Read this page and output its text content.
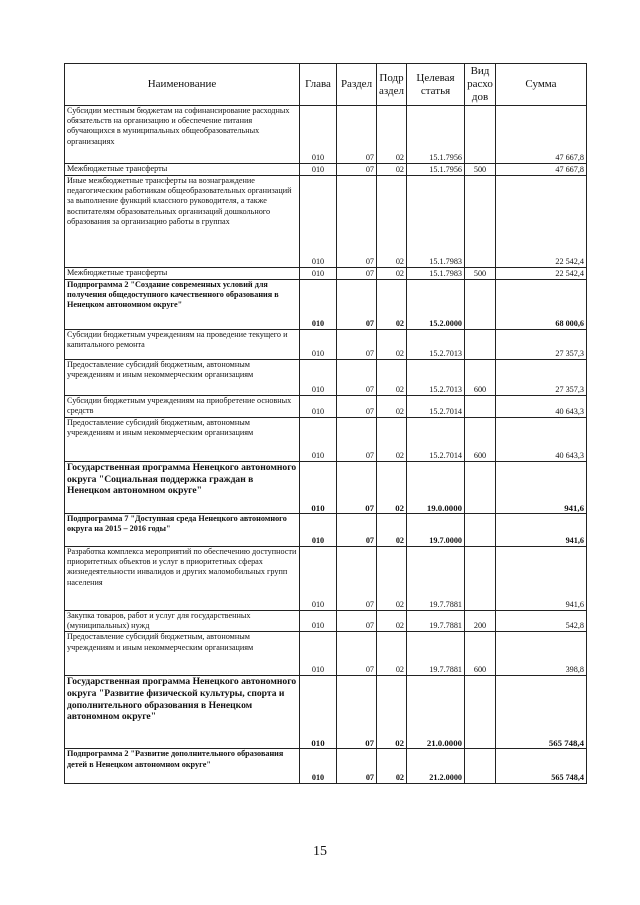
Наименование	Глава	Раздел	Подр аздел	Целевая статья	Вид расхо дов	Сумма
Субсидии местным бюджетам на софинансирование расходных обязательств на организацию и обеспечение питания обучающихся в муниципальных общеобразовательных организациях	010	07	02	15.1.7956		47 667,8
Межбюджетные трансферты	010	07	02	15.1.7956	500	47 667,8
Иные межбюджетные трансферты на вознаграждение педагогическим работникам общеобразовательных организаций за выполнение функций классного руководителя, а также воспитателям образовательных организаций дошкольного образования за организацию работы в группах	010	07	02	15.1.7983		22 542,4
Межбюджетные трансферты	010	07	02	15.1.7983	500	22 542,4
Подпрограмма 2 "Создание современных условий для получения общедоступного качественного образования в Ненецком автономном округе"	010	07	02	15.2.0000		68 000,6
Субсидии бюджетным учреждениям на проведение текущего и капитального ремонта	010	07	02	15.2.7013		27 357,3
Предоставление субсидий бюджетным, автономным учреждениям и иным некоммерческим организациям	010	07	02	15.2.7013	600	27 357,3
Субсидии бюджетным учреждениям на приобретение основных средств	010	07	02	15.2.7014		40 643,3
Предоставление субсидий бюджетным, автономным учреждениям и иным некоммерческим организациям	010	07	02	15.2.7014	600	40 643,3
Государственная программа Ненецкого автономного округа "Социальная поддержка граждан в Ненецком автономном округе"	010	07	02	19.0.0000		941,6
Подпрограмма 7 "Доступная среда Ненецкого автономного округа на 2015 – 2016 годы"	010	07	02	19.7.0000		941,6
Разработка комплекса мероприятий по обеспечению доступности приоритетных объектов и услуг в приоритетных сферах жизнедеятельности инвалидов и других маломобильных групп населения	010	07	02	19.7.7881		941,6
Закупка товаров, работ и услуг для государственных (муниципальных) нужд	010	07	02	19.7.7881	200	542,8
Предоставление субсидий бюджетным, автономным учреждениям и иным некоммерческим организациям	010	07	02	19.7.7881	600	398,8
Государственная программа Ненецкого автономного округа "Развитие физической культуры, спорта и дополнительного образования в Ненецком автономном округе"	010	07	02	21.0.0000		565 748,4
Подпрограмма 2 "Развитие дополнительного образования детей в Ненецком автономном округе"	010	07	02	21.2.0000		565 748,4
15
